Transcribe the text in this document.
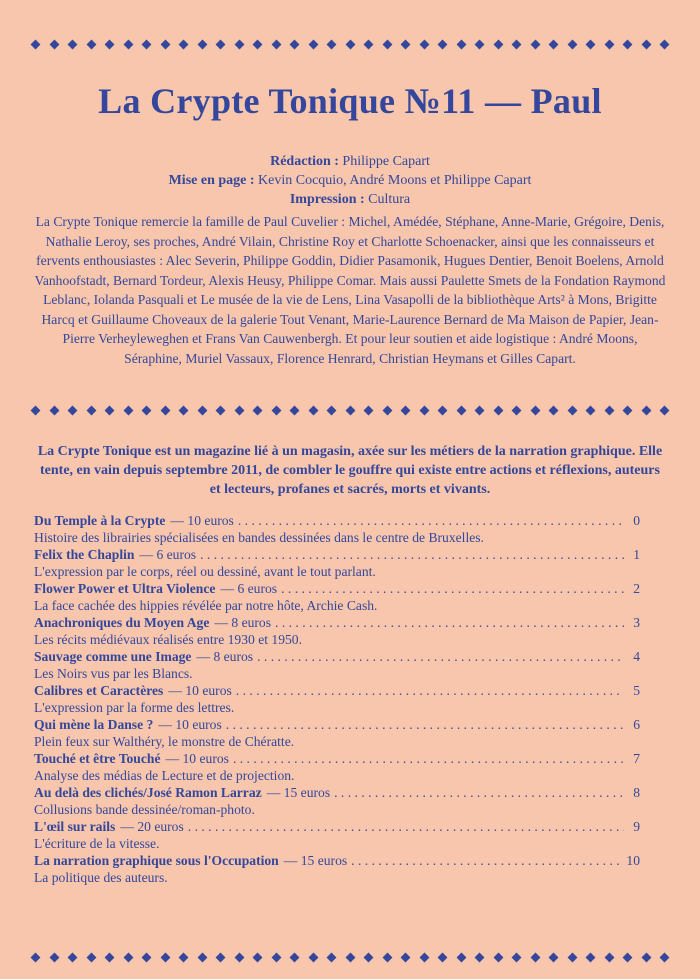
La Crypte Tonique №11 — Paul
Rédaction : Philippe Capart
Mise en page : Kevin Cocquio, André Moons et Philippe Capart
Impression : Cultura

La Crypte Tonique remercie la famille de Paul Cuvelier : Michel, Amédée, Stéphane, Anne-Marie, Grégoire, Denis, Nathalie Leroy, ses proches, André Vilain, Christine Roy et Charlotte Schoenacker, ainsi que les connaisseurs et fervents enthousiastes : Alec Severin, Philippe Goddin, Didier Pasamonik, Hugues Dentier, Benoit Boelens, Arnold Vanhoofstadt, Bernard Tordeur, Alexis Heusy, Philippe Comar. Mais aussi Paulette Smets de la Fondation Raymond Leblanc, Iolanda Pasquali et Le musée de la vie de Lens, Lina Vasapolli de la bibliothèque Arts² à Mons, Brigitte Harcq et Guillaume Choveaux de la galerie Tout Venant, Marie-Laurence Bernard de Ma Maison de Papier, Jean-Pierre Verheyleweghen et Frans Van Cauwenbergh. Et pour leur soutien et aide logistique : André Moons, Séraphine, Muriel Vassaux, Florence Henrard, Christian Heymans et Gilles Capart.

La Crypte Tonique est un magazine lié à un magasin, axée sur les métiers de la narration graphique. Elle tente, en vain depuis septembre 2011, de combler le gouffre qui existe entre actions et réflexions, auteurs et lecteurs, profanes et sacrés, morts et vivants.

Du Temple à la Crypte — 10 euros . . .	0
Histoire des librairies spécialisées en bandes dessinées dans le centre de Bruxelles.
Felix the Chaplin — 6 euros . . .	1
L'expression par le corps, réel ou dessiné, avant le tout parlant.
Flower Power et Ultra Violence — 6 euros . . .	2
La face cachée des hippies révélée par notre hôte, Archie Cash.
Anachroniques du Moyen Age — 8 euros . . .	3
Les récits médiévaux réalisés entre 1930 et 1950.
Sauvage comme une Image — 8 euros . . .	4
Les Noirs vus par les Blancs.
Calibres et Caractères — 10 euros . . .	5
L'expression par la forme des lettres.
Qui mène la Danse ? — 10 euros . . .	6
Plein feux sur Walthéry, le monstre de Chératte.
Touché et être Touché — 10 euros . . .	7
Analyse des médias de Lecture et de projection.
Au delà des clichés/José Ramon Larraz — 15 euros . . .	8
Collusions bande dessinée/roman-photo.
L'œil sur rails — 20 euros . . .	9
L'écriture de la vitesse.
La narration graphique sous l'Occupation — 15 euros . . .	10
La politique des auteurs.
